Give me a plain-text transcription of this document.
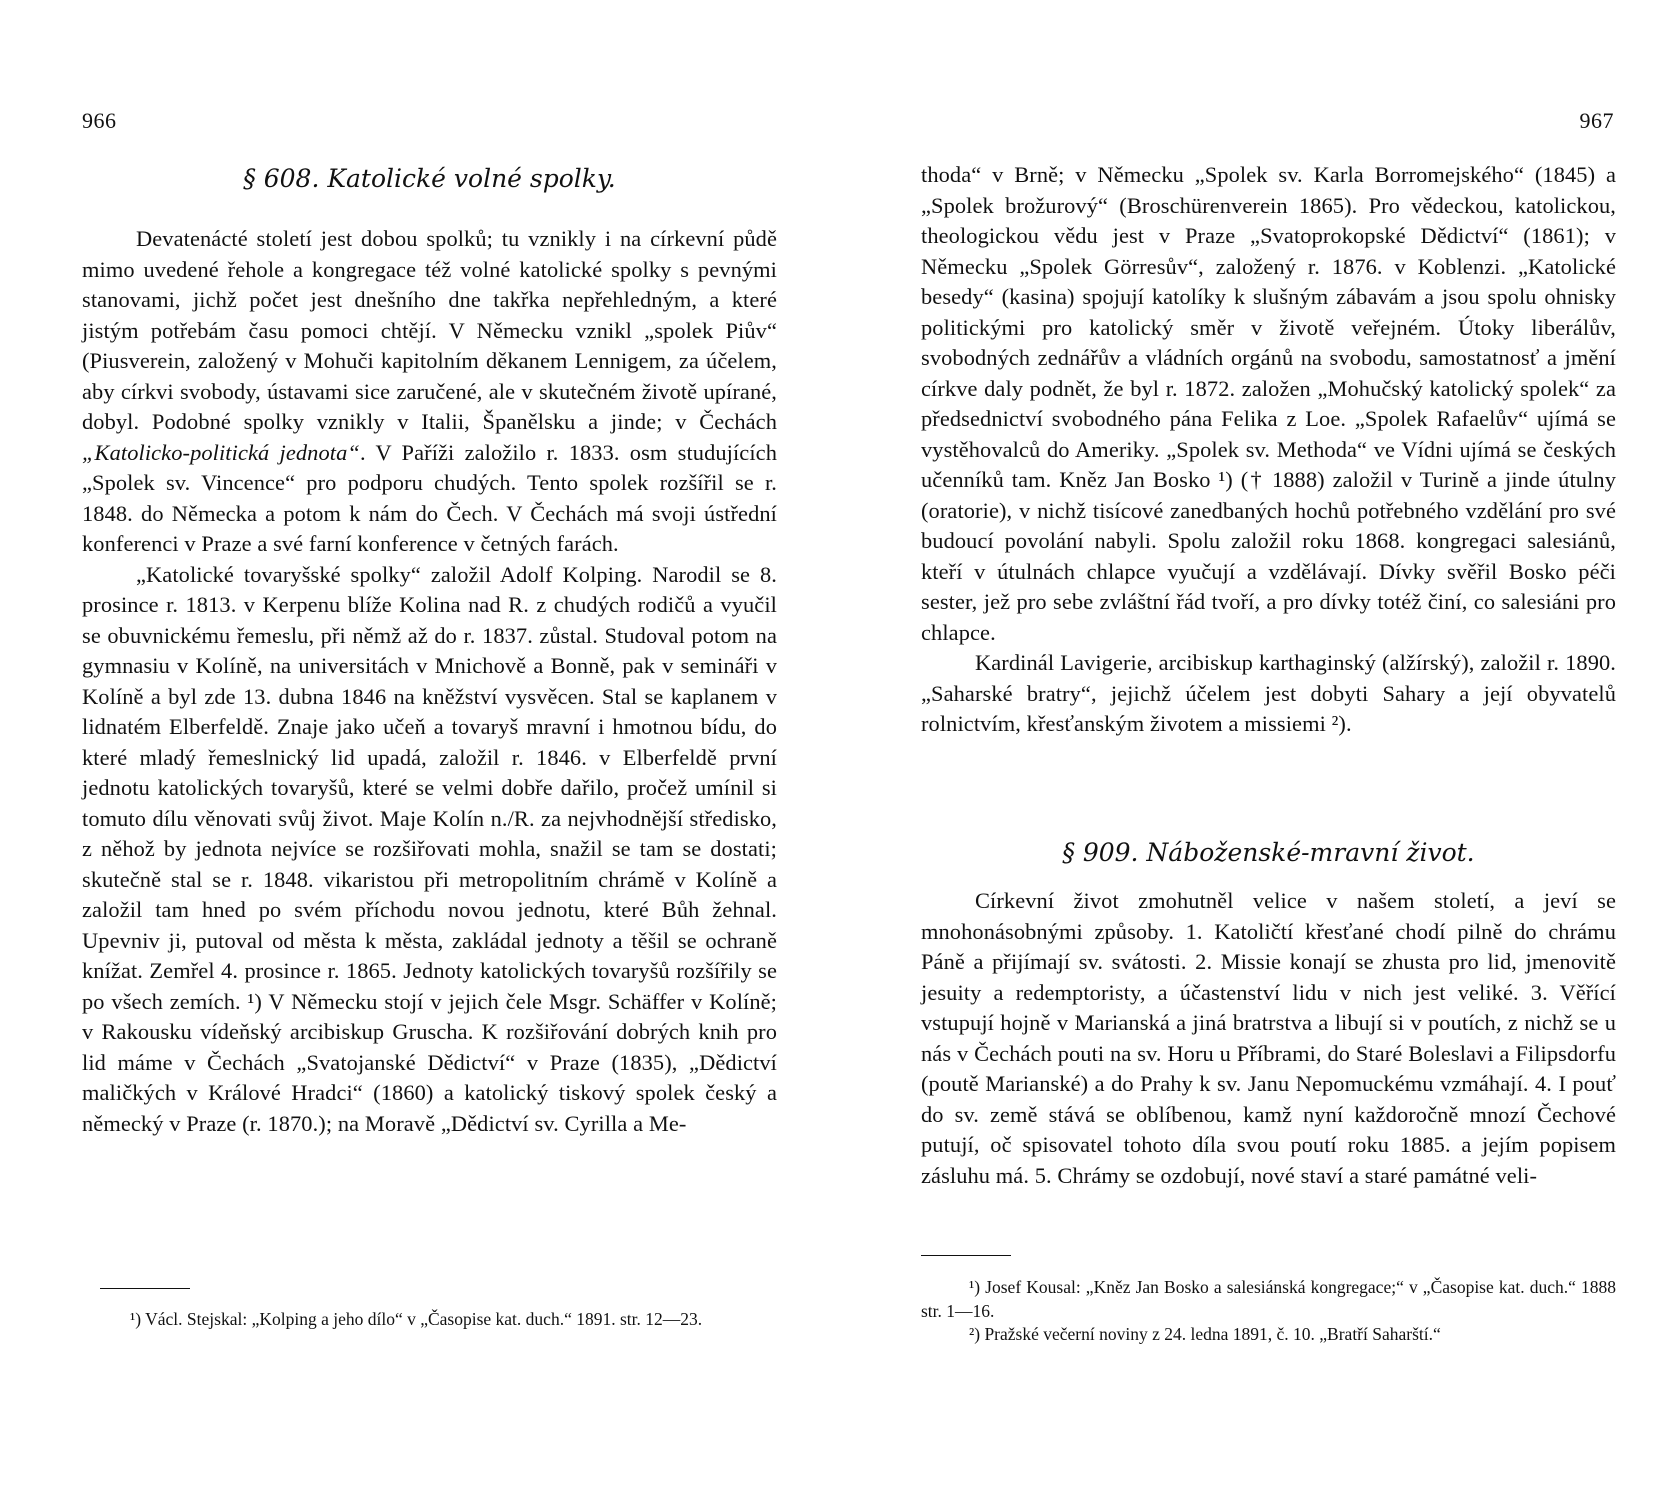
966
§ 608. Katolické volné spolky.

Devatenácté století jest dobou spolků; tu vznikly i na církevní půdě mimo uvedené řehole a kongregace též volné katolické spolky s pevnými stanovami, jichž počet jest dnešního dne takřka nepřehledným, a které jistým potřebám času pomoci chtějí. V Německu vznikl „spolek Piův“ (Piusverein, založený v Mohuči kapitolním děkanem Lennigem, za účelem, aby církvi svobody, ústavami sice zaručené, ale v skutečném životě upírané, dobyl. Podobné spolky vznikly v Italii, Španělsku a jinde; v Čechách „Katolicko-politická jednota“. V Paříži založilo r. 1833. osm studujících „Spolek sv. Vincence“ pro podporu chudých. Tento spolek rozšířil se r. 1848. do Německa a potom k nám do Čech. V Čechách má svoji ústřední konferenci v Praze a své farní konference v četných farách.

„Katolické tovaryšské spolky“ založil Adolf Kolping. Narodil se 8. prosince r. 1813. v Kerpenu blíže Kolina nad R. z chudých rodičů a vyučil se obuvnickému řemeslu, při němž až do r. 1837. zůstal. Studoval potom na gymnasiu v Kolíně, na universitách v Mnichově a Bonně, pak v semináři v Kolíně a byl zde 13. dubna 1846 na kněžství vysvěcen. Stal se kaplanem v lidnatém Elberfeldě. Znaje jako učeň a tovaryš mravní i hmotnou bídu, do které mladý řemeslnický lid upadá, založil r. 1846. v Elberfeldě první jednotu katolických tovaryšů, které se velmi dobře dařilo, pročež umínil si tomuto dílu věnovati svůj život. Maje Kolín n./R. za nejvhodnější středisko, z něhož by jednota nejvíce se rozšiřovati mohla, snažil se tam se dostati; skutečně stal se r. 1848. vikaristou při metropolitním chrámě v Kolíně a založil tam hned po svém příchodu novou jednotu, které Bůh žehnal. Upevniv ji, putoval od města k města, zakládal jednoty a těšil se ochraně knížat. Zemřel 4. prosince r. 1865. Jednoty katolických tovaryšů rozšířily se po všech zemích. ¹) V Německu stojí v jejich čele Msgr. Schäffer v Kolíně; v Rakousku vídeňský arcibiskup Gruscha. K rozšiřování dobrých knih pro lid máme v Čechách „Svatojanské Dědictví“ v Praze (1835), „Dědictví maličkých v Králové Hradci“ (1860) a katolický tiskový spolek český a německý v Praze (r. 1870.); na Moravě „Dědictví sv. Cyrilla a Me-

¹) Václ. Stejskal: „Kolping a jeho dílo“ v „Časopise kat. duch.“ 1891. str. 12—23.

967

thoda“ v Brně; v Německu „Spolek sv. Karla Borromejského“ (1845) a „Spolek brožurový“ (Broschürenverein 1865). Pro vědeckou, katolickou, theologickou vědu jest v Praze „Svatoprokopské Dědictví“ (1861); v Německu „Spolek Görresův“, založený r. 1876. v Koblenzi. „Katolické besedy“ (kasina) spojují katolíky k slušným zábavám a jsou spolu ohnisky politickými pro katolický směr v životě veřejném. Útoky liberálův, svobodných zednářův a vládních orgánů na svobodu, samostatnosť a jmění církve daly podnět, že byl r. 1872. založen „Mohučský katolický spolek“ za předsednictví svobodného pána Felika z Loe. „Spolek Rafaelův“ ujímá se vystěhovalců do Ameriky. „Spolek sv. Methoda“ ve Vídni ujímá se českých učenníků tam. Kněz Jan Bosko ¹) († 1888) založil v Turině a jinde útulny (oratorie), v nichž tisícové zanedbaných hochů potřebného vzdělání pro své budoucí povolání nabyli. Spolu založil roku 1868. kongregaci salesiánů, kteří v útulnách chlapce vyučují a vzdělávají. Dívky svěřil Bosko péči sester, jež pro sebe zvláštní řád tvoří, a pro dívky totéž činí, co salesiáni pro chlapce.

Kardinál Lavigerie, arcibiskup karthaginský (alžírský), založil r. 1890. „Saharské bratry“, jejichž účelem jest dobyti Sahary a její obyvatelů rolnictvím, křesťanským životem a missiemi ²).

§ 909. Náboženské-mravní život.

Církevní život zmohutněl velice v našem století, a jeví se mnohonásobnými způsoby. 1. Katoličtí křesťané chodí pilně do chrámu Páně a přijímají sv. svátosti. 2. Missie konají se zhusta pro lid, jmenovitě jesuity a redemptoristy, a účastenství lidu v nich jest veliké. 3. Věřící vstupují hojně v Marianská a jiná bratrstva a libují si v poutích, z nichž se u nás v Čechách pouti na sv. Horu u Příbrami, do Staré Boleslavi a Filipsdorfu (poutě Marianské) a do Prahy k sv. Janu Nepomuckému vzmáhají. 4. I pouť do sv. země stává se oblíbenou, kamž nyní každoročně mnozí Čechové putují, oč spisovatel tohoto díla svou poutí roku 1885. a jejím popisem zásluhu má. 5. Chrámy se ozdobují, nové staví a staré památné veli-

¹) Josef Kousal: „Kněz Jan Bosko a salesiánská kongregace;“ v „Časopise kat. duch.“ 1888 str. 1—16.

²) Pražské večerní noviny z 24. ledna 1891, č. 10. „Bratří Saharští.“
